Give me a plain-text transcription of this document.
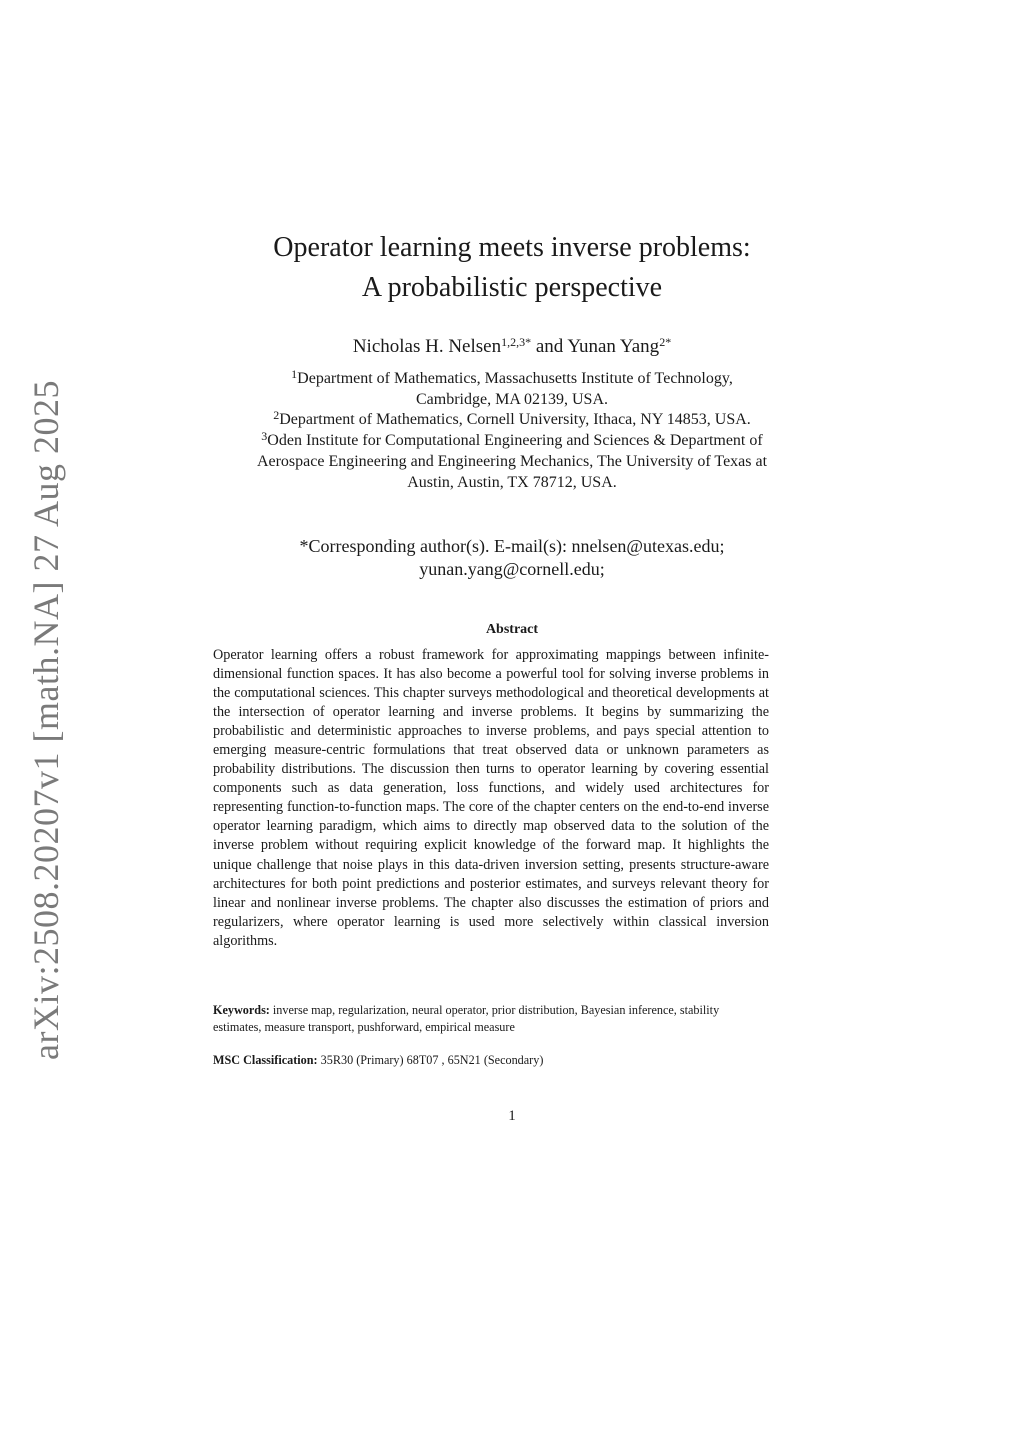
arXiv:2508.20207v1 [math.NA] 27 Aug 2025
Operator learning meets inverse problems:
A probabilistic perspective
Nicholas H. Nelsen$^{1,2,3*}$ and Yunan Yang$^{2*}$
$^1$Department of Mathematics, Massachusetts Institute of Technology,
Cambridge, MA 02139, USA.
$^2$Department of Mathematics, Cornell University, Ithaca, NY 14853, USA.
$^3$Oden Institute for Computational Engineering and Sciences & Department of
Aerospace Engineering and Engineering Mechanics, The University of Texas at
Austin, Austin, TX 78712, USA.
*Corresponding author(s). E-mail(s): nnelsen@utexas.edu;
yunan.yang@cornell.edu;
Abstract
Operator learning offers a robust framework for approximating mappings between infinite-dimensional function spaces. It has also become a powerful tool for solving inverse problems in the computational sciences. This chapter surveys methodological and theoretical developments at the intersection of operator learning and inverse problems. It begins by summarizing the probabilistic and deterministic approaches to inverse problems, and pays special attention to emerging measure-centric formulations that treat observed data or unknown parameters as probability distributions. The discussion then turns to operator learning by covering essential components such as data generation, loss functions, and widely used architectures for representing function-to-function maps. The core of the chapter centers on the end-to-end inverse operator learning paradigm, which aims to directly map observed data to the solution of the inverse problem without requiring explicit knowledge of the forward map. It highlights the unique challenge that noise plays in this data-driven inversion setting, presents structure-aware architectures for both point predictions and posterior estimates, and surveys relevant theory for linear and nonlinear inverse problems. The chapter also discusses the estimation of priors and regularizers, where operator learning is used more selectively within classical inversion algorithms.
Keywords: inverse map, regularization, neural operator, prior distribution, Bayesian inference, stability estimates, measure transport, pushforward, empirical measure
MSC Classification: 35R30 (Primary) 68T07 , 65N21 (Secondary)
1
